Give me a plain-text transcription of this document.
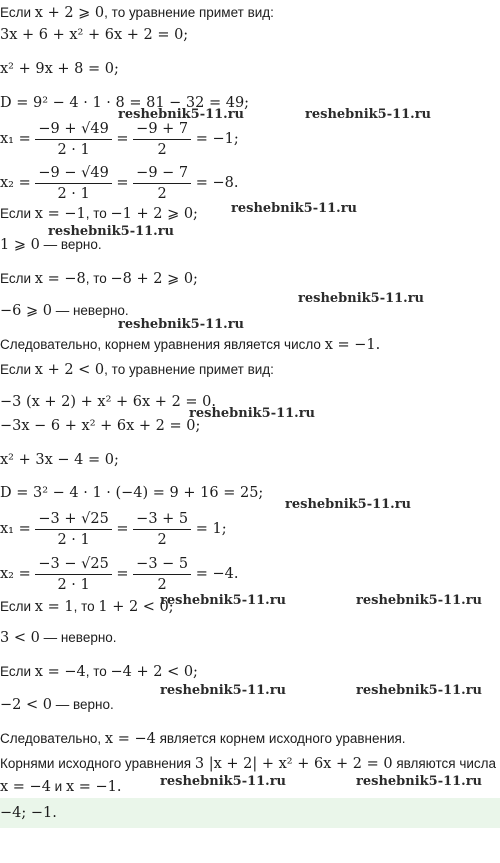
Если x + 2 ⩾ 0, то уравнение примет вид:
3x + 6 + x² + 6x + 2 = 0;
x² + 9x + 8 = 0;
D = 9² − 4 · 1 · 8 = 81 − 32 = 49;
$x_1 = \frac{-9 + √49}{2 \cdot 1} = \frac{-9 + 7}{2} = -1$;
$x_2 = \frac{-9 - √49}{2 \cdot 1} = \frac{-9 - 7}{2} = -8$.
Если x = −1, то −1 + 2 ⩾ 0;
1 ⩾ 0 — верно.
Если x = −8, то −8 + 2 ⩾ 0;
−6 ⩾ 0 — неверно.
Следовательно, корнем уравнения является число x = −1.
Если x + 2 < 0, то уравнение примет вид:
−3 (x + 2) + x² + 6x + 2 = 0.
−3x − 6 + x² + 6x + 2 = 0;
x² + 3x − 4 = 0;
D = 3² − 4 · 1 · (−4) = 9 + 16 = 25;
$x_1 = \frac{-3 + √25}{2 \cdot 1} = \frac{-3 + 5}{2} = 1$;
$x_2 = \frac{-3 - √25}{2 \cdot 1} = \frac{-3 - 5}{2} = -4$.
Если x = 1, то 1 + 2 < 0;
3 < 0 — неверно.
Если x = −4, то −4 + 2 < 0;
−2 < 0 — верно.
Следовательно, x = −4 является корнем исходного уравнения.
Корнями исходного уравнения 3 |x + 2| + x² + 6x + 2 = 0 являются числа
x = −4 и x = −1.
−4; −1.
reshebnik5-11.ru	reshebnik5-11.ru
reshebnik5-11.ru
reshebnik5-11.ru
reshebnik5-11.ru
reshebnik5-11.ru
reshebnik5-11.ru
reshebnik5-11.ru
reshebnik5-11.ru	reshebnik5-11.ru
reshebnik5-11.ru	reshebnik5-11.ru
reshebnik5-11.ru	reshebnik5-11.ru
